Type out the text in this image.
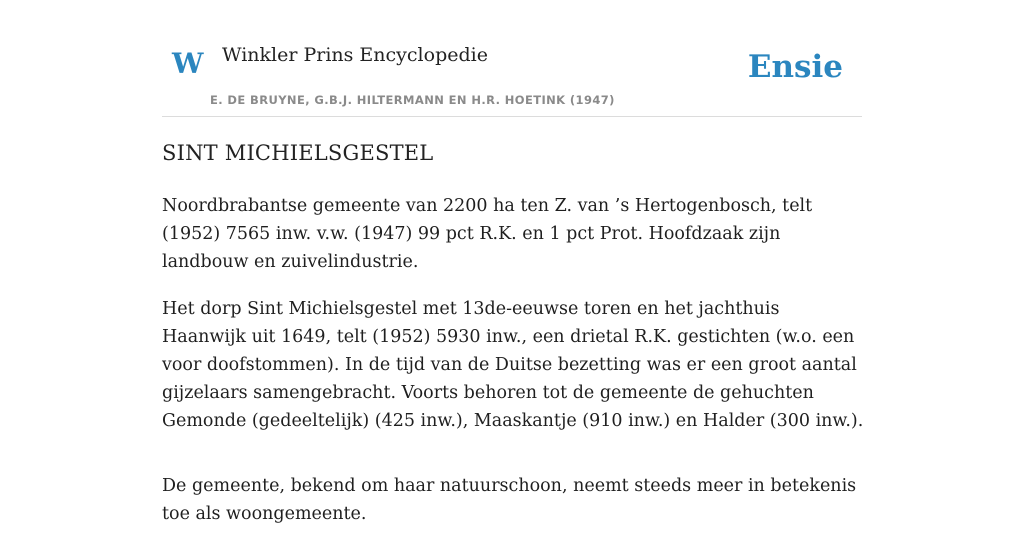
W Winkler Prins Encyclopedie
E. DE BRUYNE, G.B.J. HILTERMANN EN H.R. HOETINK (1947)
Ensie
SINT MICHIELSGESTEL

Noordbrabantse gemeente van 2200 ha ten Z. van ’s Hertogenbosch, telt (1952) 7565 inw. v.w. (1947) 99 pct R.K. en 1 pct Prot. Hoofdzaak zijn landbouw en zuivelindustrie.

Het dorp Sint Michielsgestel met 13de-eeuwse toren en het jachthuis Haanwijk uit 1649, telt (1952) 5930 inw., een drietal R.K. gestichten (w.o. een voor doofstommen). In de tijd van de Duitse bezetting was er een groot aantal gijzelaars samengebracht. Voorts behoren tot de gemeente de gehuchten Gemonde (gedeeltelijk) (425 inw.), Maaskantje (910 inw.) en Halder (300 inw.).

De gemeente, bekend om haar natuurschoon, neemt steeds meer in betekenis toe als woongemeente.
